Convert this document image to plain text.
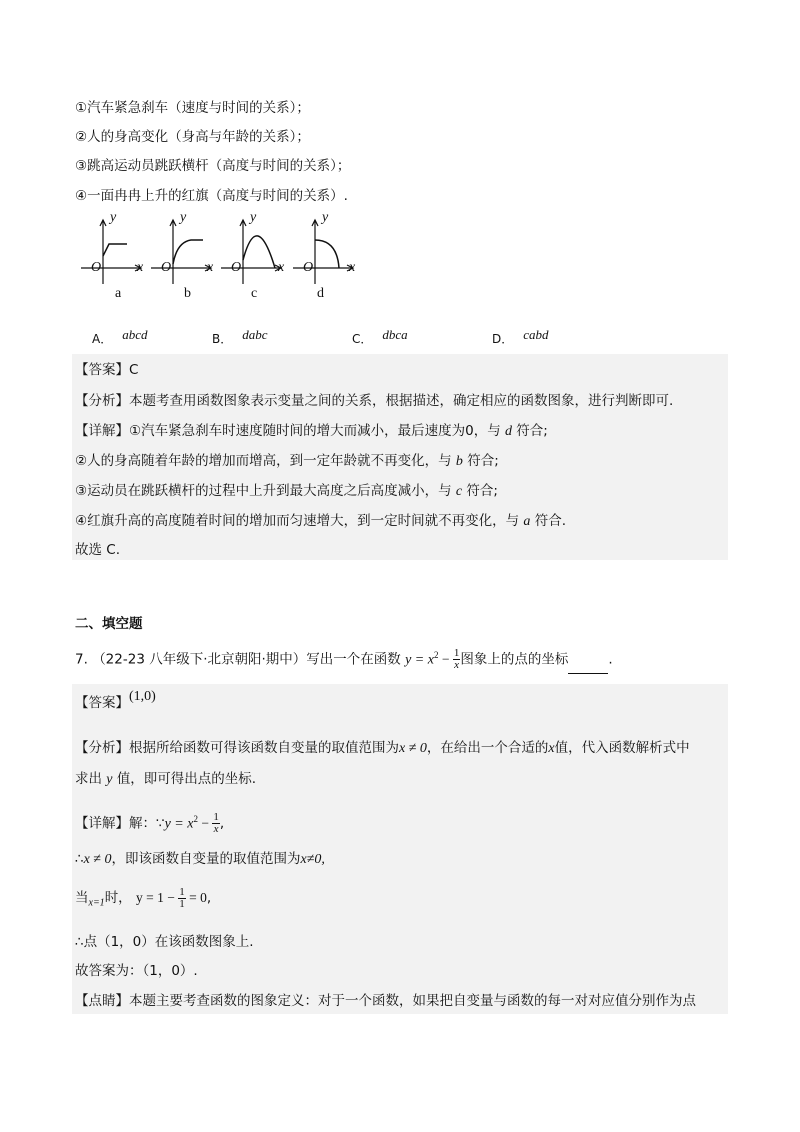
①汽车紧急刹车（速度与时间的关系）；
②人的身高变化（身高与年龄的关系）；
③跳高运动员跳跃横杆（高度与时间的关系）；
④一面冉冉上升的红旗（高度与时间的关系）.
y
O	x
y
O	x
y
O	x
y
O	x
a	b	c	d
A． abcd	B． dabc	C． dbca	D． cabd
【答案】C
【分析】本题考查用函数图象表示变量之间的关系，根据描述，确定相应的函数图象，进行判断即可.
【详解】①汽车紧急刹车时速度随时间的增大而减小，最后速度为0，与 d 符合;
②人的身高随着年龄的增加而增高，到一定年龄就不再变化，与 b 符合;
③运动员在跳跃横杆的过程中上升到最大高度之后高度减小，与 c 符合;
④红旗升高的高度随着时间的增加而匀速增大，到一定时间就不再变化，与 a 符合.
故选 C.
二、填空题
7. （22-23 八年级下·北京朝阳·期中）写出一个在函数 $y = x^2 - \frac{1}{x}$ 图象上的点的坐标	.
【答案】(1,0)
【分析】根据所给函数可得该函数自变量的取值范围为x ≠ 0，在给出一个合适的x值，代入函数解析式中
求出 y 值，即可得出点的坐标.
【详解】解：∵y = $x^2 - \frac{1}{x}$ ,
∴x ≠ 0，即该函数自变量的取值范围为x≠0,
当$_{x=1}$时， $y = 1 - \frac{1}{1} = 0$,
∴点（1，0）在该函数图象上.
故答案为：（1，0）.
【点睛】本题主要考查函数的图象定义：对于一个函数，如果把自变量与函数的每一对对应值分别作为点
